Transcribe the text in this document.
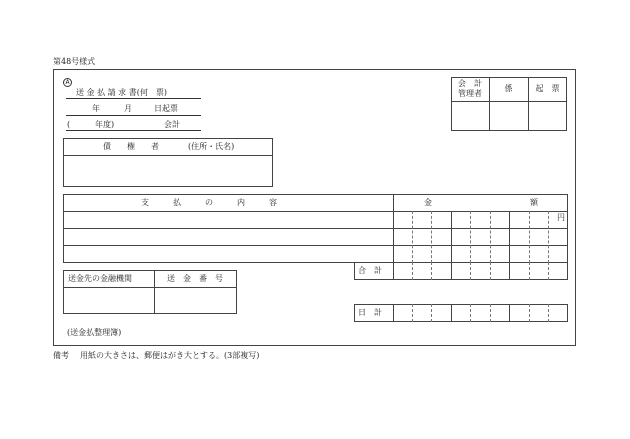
第48号様式
A
送 金 払 請 求 書(何　票)
年	月	日起票
(	年度)	会計
会　計
管理者
係	起　票
債　　権　　者	(住所・氏名)
支　　　払　　　の　　　内　　　容	金	額
円
合　計
送金先の金融機関	送　金　番　号
日　計
(送金払整理簿)
備考 用紙の大きさは、郵便はがき大とする。(3部複写)
